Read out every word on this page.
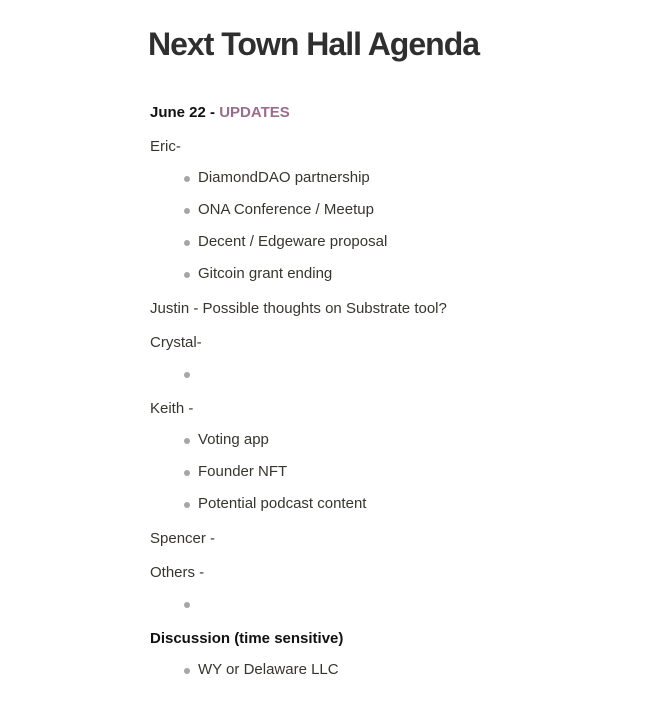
Next Town Hall Agenda
June 22 - UPDATES
Eric-
DiamondDAO partnership
ONA Conference / Meetup
Decent / Edgeware proposal
Gitcoin grant ending
Justin - Possible thoughts on Substrate tool?
Crystal-
Keith -
Voting app
Founder NFT
Potential podcast content
Spencer -
Others -
Discussion (time sensitive)
WY or Delaware LLC
